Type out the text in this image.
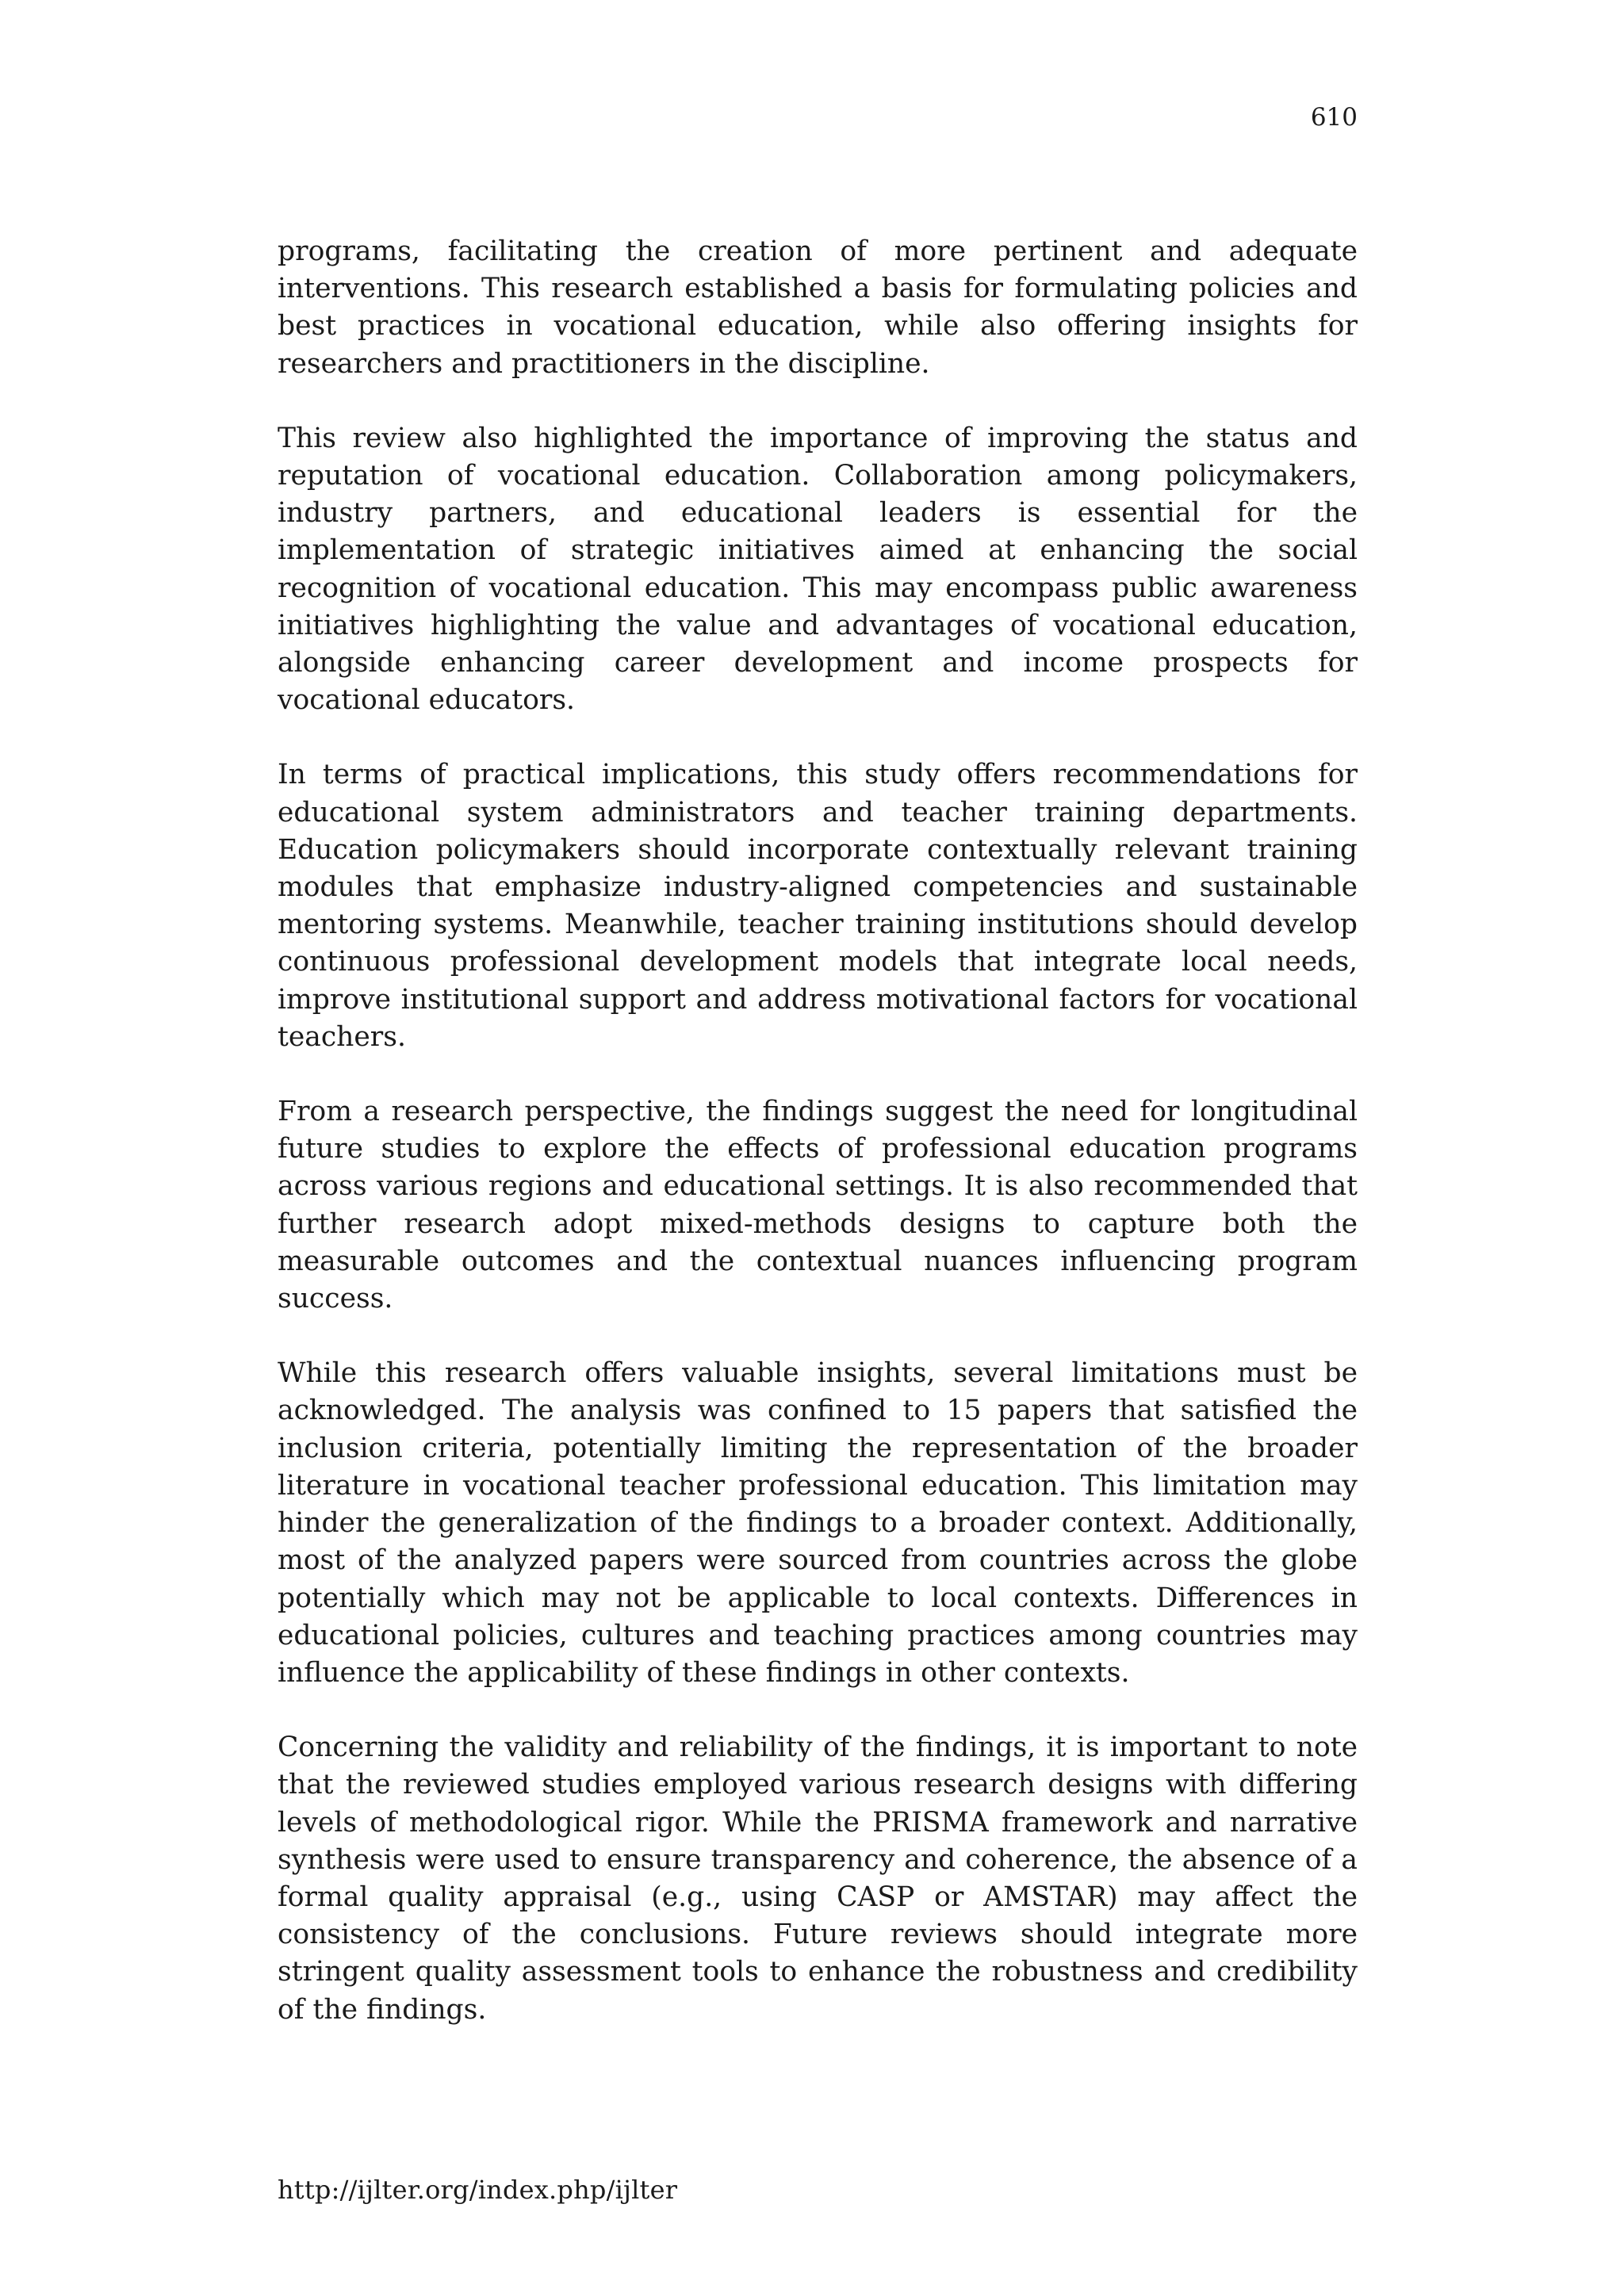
610

programs, facilitating the creation of more pertinent and adequate interventions. This research established a basis for formulating policies and best practices in vocational education, while also offering insights for researchers and practitioners in the discipline.

This review also highlighted the importance of improving the status and reputation of vocational education. Collaboration among policymakers, industry partners, and educational leaders is essential for the implementation of strategic initiatives aimed at enhancing the social recognition of vocational education. This may encompass public awareness initiatives highlighting the value and advantages of vocational education, alongside enhancing career development and income prospects for vocational educators.

In terms of practical implications, this study offers recommendations for educational system administrators and teacher training departments. Education policymakers should incorporate contextually relevant training modules that emphasize industry-aligned competencies and sustainable mentoring systems. Meanwhile, teacher training institutions should develop continuous professional development models that integrate local needs, improve institutional support and address motivational factors for vocational teachers.

From a research perspective, the findings suggest the need for longitudinal future studies to explore the effects of professional education programs across various regions and educational settings. It is also recommended that further research adopt mixed-methods designs to capture both the measurable outcomes and the contextual nuances influencing program success.

While this research offers valuable insights, several limitations must be acknowledged. The analysis was confined to 15 papers that satisfied the inclusion criteria, potentially limiting the representation of the broader literature in vocational teacher professional education. This limitation may hinder the generalization of the findings to a broader context. Additionally, most of the analyzed papers were sourced from countries across the globe potentially which may not be applicable to local contexts. Differences in educational policies, cultures and teaching practices among countries may influence the applicability of these findings in other contexts.

Concerning the validity and reliability of the findings, it is important to note that the reviewed studies employed various research designs with differing levels of methodological rigor. While the PRISMA framework and narrative synthesis were used to ensure transparency and coherence, the absence of a formal quality appraisal (e.g., using CASP or AMSTAR) may affect the consistency of the conclusions. Future reviews should integrate more stringent quality assessment tools to enhance the robustness and credibility of the findings.

http://ijlter.org/index.php/ijlter
